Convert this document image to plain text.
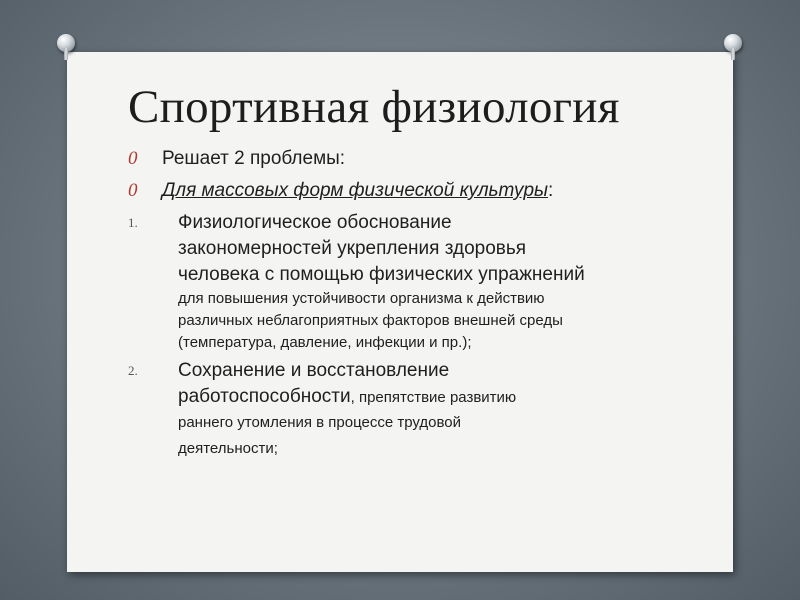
Спортивная физиология
0	Решает 2 проблемы:
0	Для массовых форм физической культуры :
1.	Физиологическое обоснование
закономерностей укрепления здоровья
человека с помощью физических упражнений
для повышения устойчивости организма к действию
различных неблагоприятных факторов внешней среды
(температура, давление, инфекции и пр.);
2.	Сохранение и восстановление
работоспособности, препятствие развитию
раннего утомления в процессе трудовой
деятельности;
